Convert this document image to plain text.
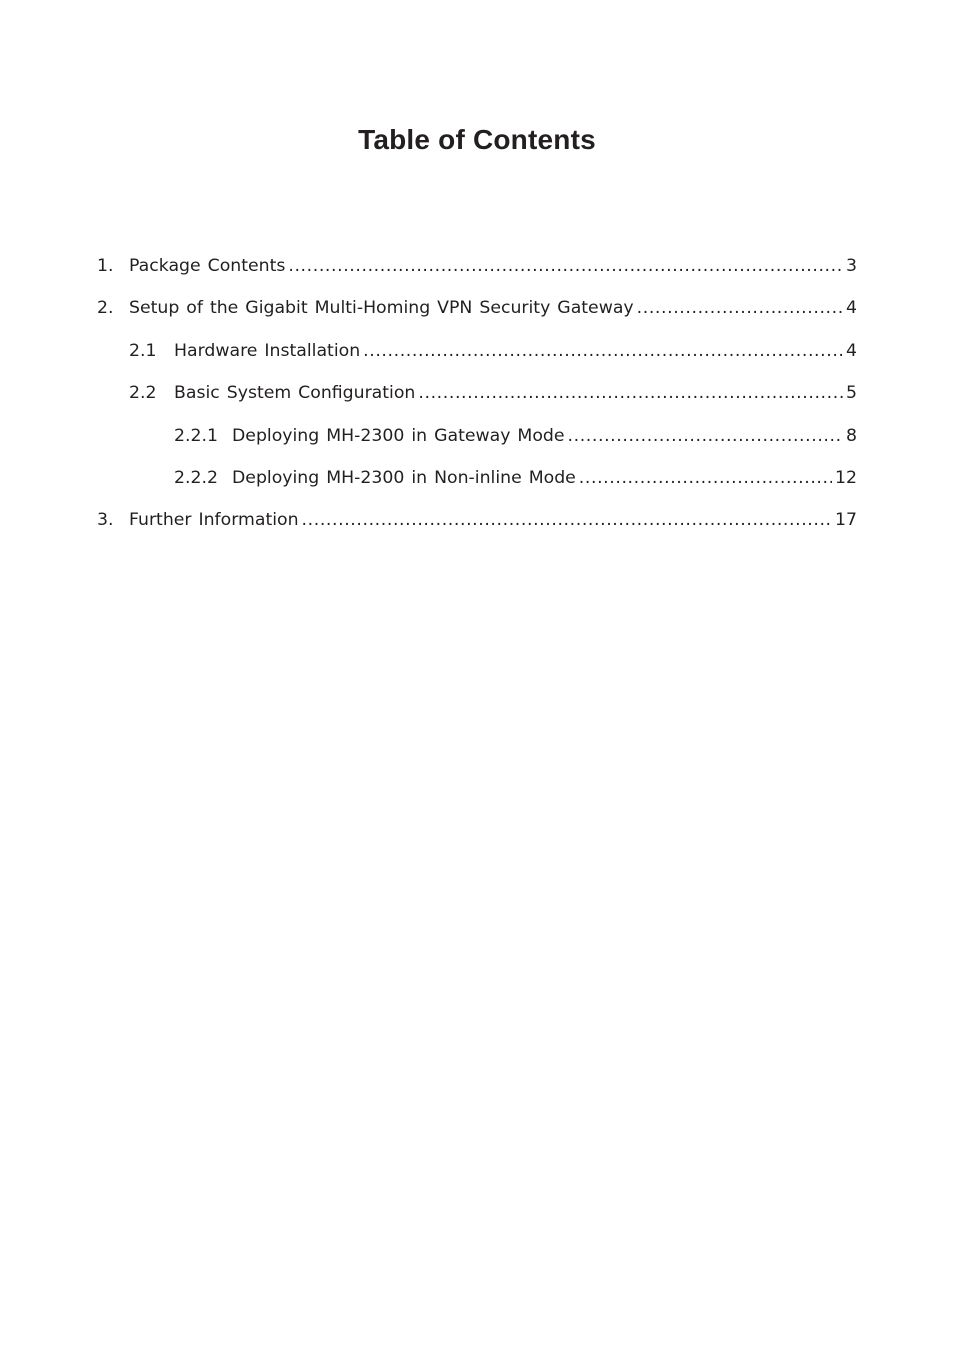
Table of Contents
1. Package Contents .....	3
2. Setup of the Gigabit Multi-Homing VPN Security Gateway .....	4
2.1	Hardware Installation .....	4
2.2	Basic System Configuration .....	5
2.2.1 Deploying MH-2300 in Gateway Mode .....	8
2.2.2 Deploying MH-2300 in Non-inline Mode .....	12
3. Further Information .....	17
